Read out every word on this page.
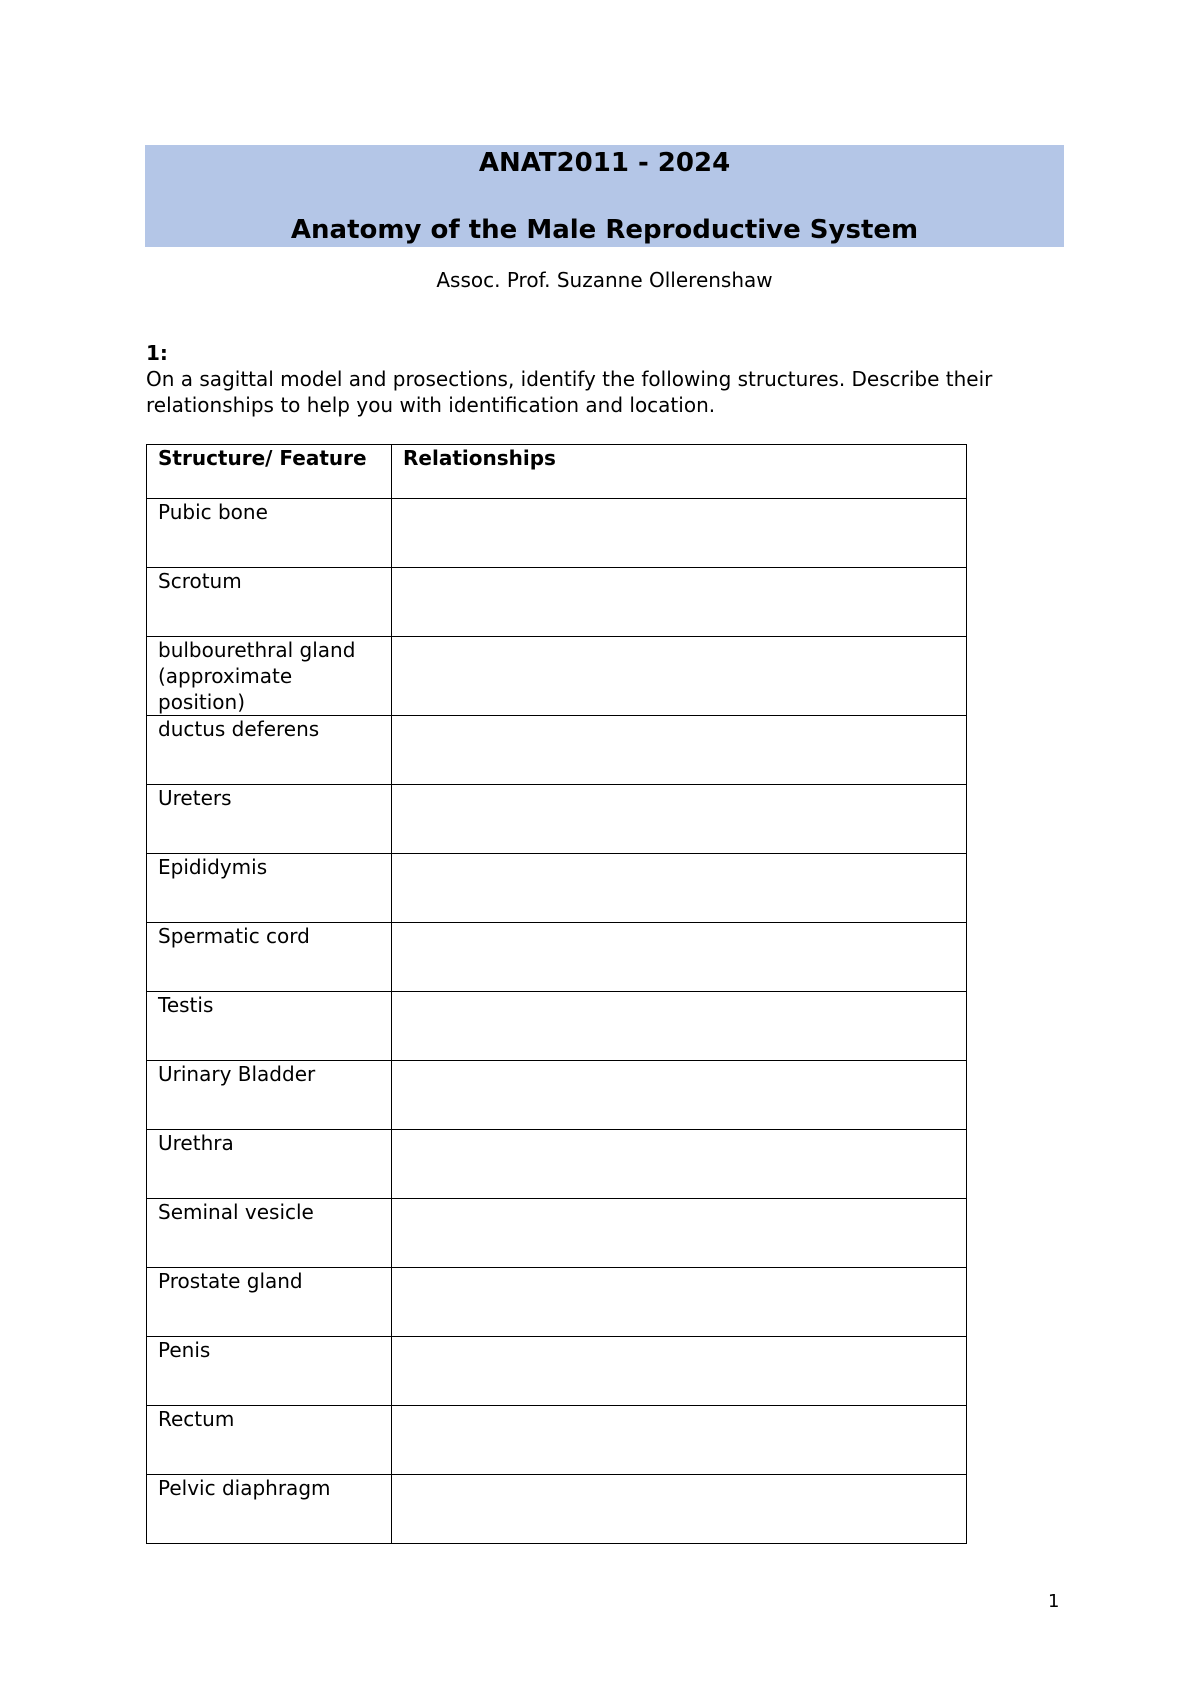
ANAT2011 - 2024
Anatomy of the Male Reproductive System
Assoc. Prof. Suzanne Ollerenshaw
1:
On a sagittal model and prosections, identify the following structures. Describe their relationships to help you with identification and location.
Structure/ Feature	Relationships
Pubic bone	
Scrotum	
bulbourethral gland (approximate position)	
ductus deferens	
Ureters	
Epididymis	
Spermatic cord	
Testis	
Urinary Bladder	
Urethra	
Seminal vesicle	
Prostate gland	
Penis	
Rectum	
Pelvic diaphragm	
1
